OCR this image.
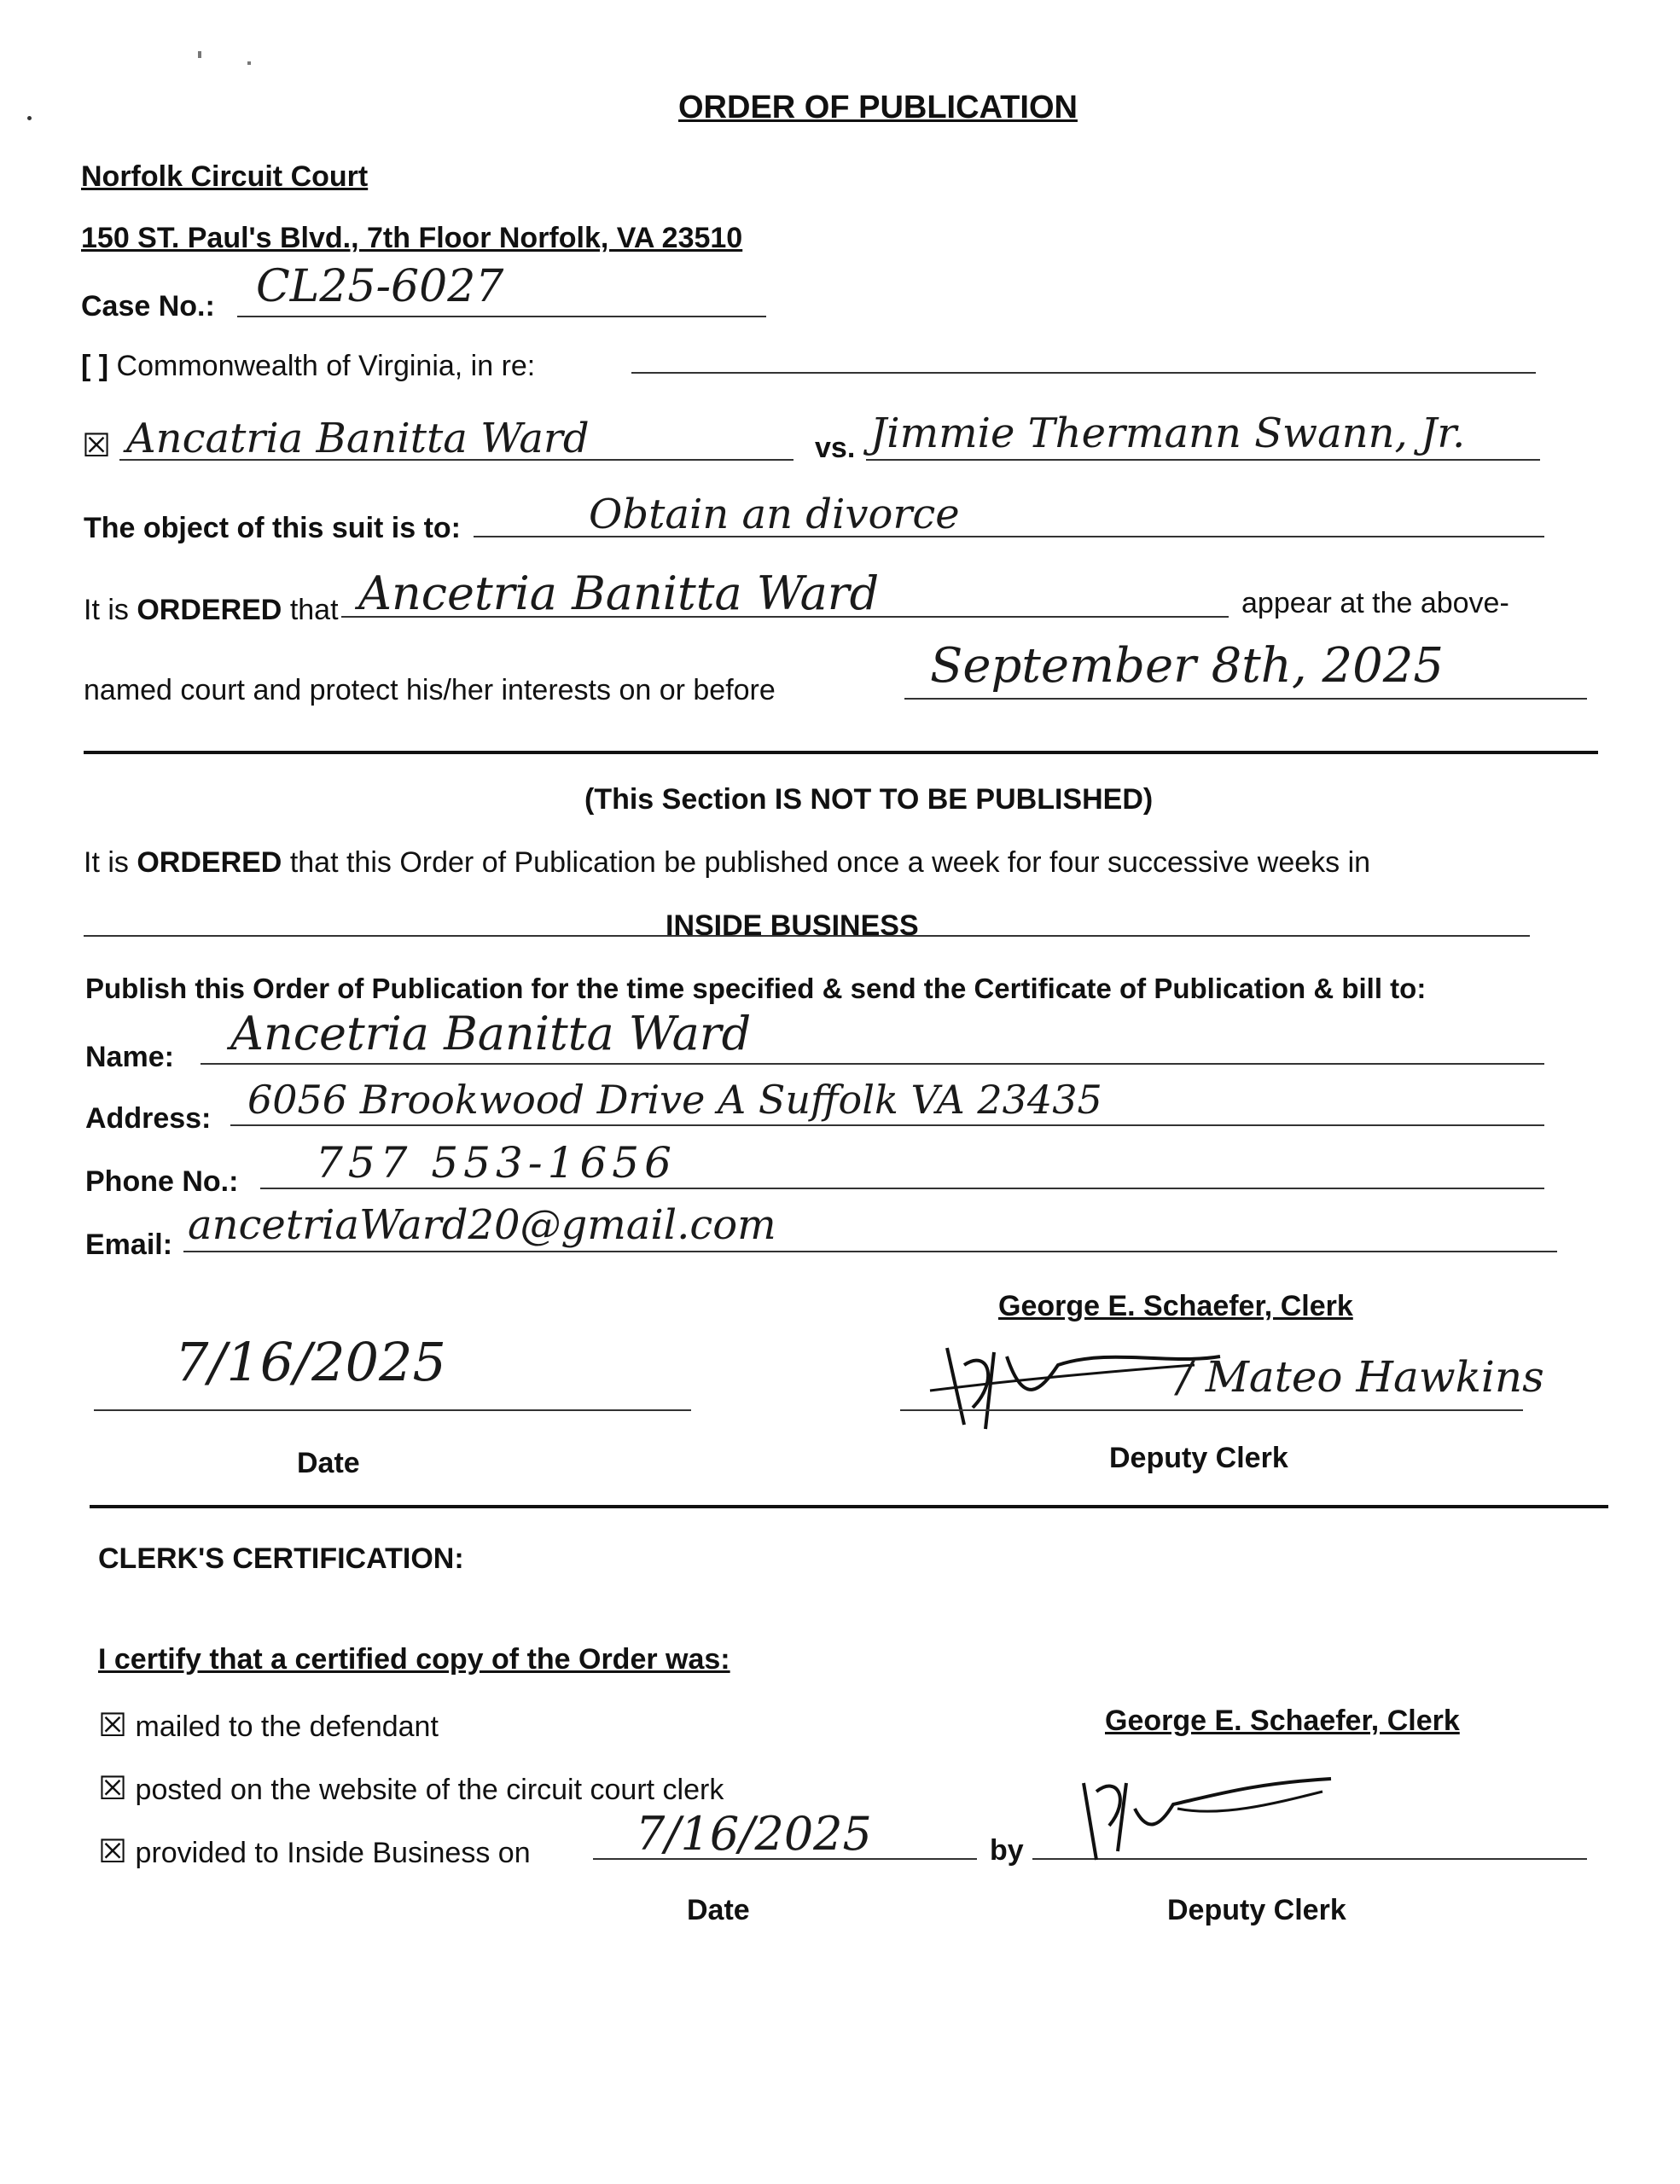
ORDER OF PUBLICATION
Norfolk Circuit Court
150 ST. Paul's Blvd., 7th Floor Norfolk, VA 23510
Case No.: CL25-6027
[ ] Commonwealth of Virginia, in re:
☒ Ancatria Banitta Ward	vs. Jimmie Thermann Swann, Jr.
The object of this suit is to:	Obtain an divorce
It is ORDERED that Ancetria Banitta Ward	appear at the above-
named court and protect his/her interests on or before	September 8th, 2025
(This Section IS NOT TO BE PUBLISHED)
It is ORDERED that this Order of Publication be published once a week for four successive weeks in
INSIDE BUSINESS
Publish this Order of Publication for the time specified & send the Certificate of Publication & bill to:
Name: Ancetria Banitta Ward
Address: 6056 Brookwood Drive A Suffolk VA 23435
Phone No.: 757 553-1656
Email: ancetriaWard20@gmail.com
George E. Schaefer, Clerk
7/16/2025
Date
/ Mateo Hawkins
Deputy Clerk
CLERK'S CERTIFICATION:
I certify that a certified copy of the Order was:
☒ mailed to the defendant
☒ posted on the website of the circuit court clerk
☒ provided to Inside Business on 7/16/2025
Date
by
George E. Schaefer, Clerk
Deputy Clerk
